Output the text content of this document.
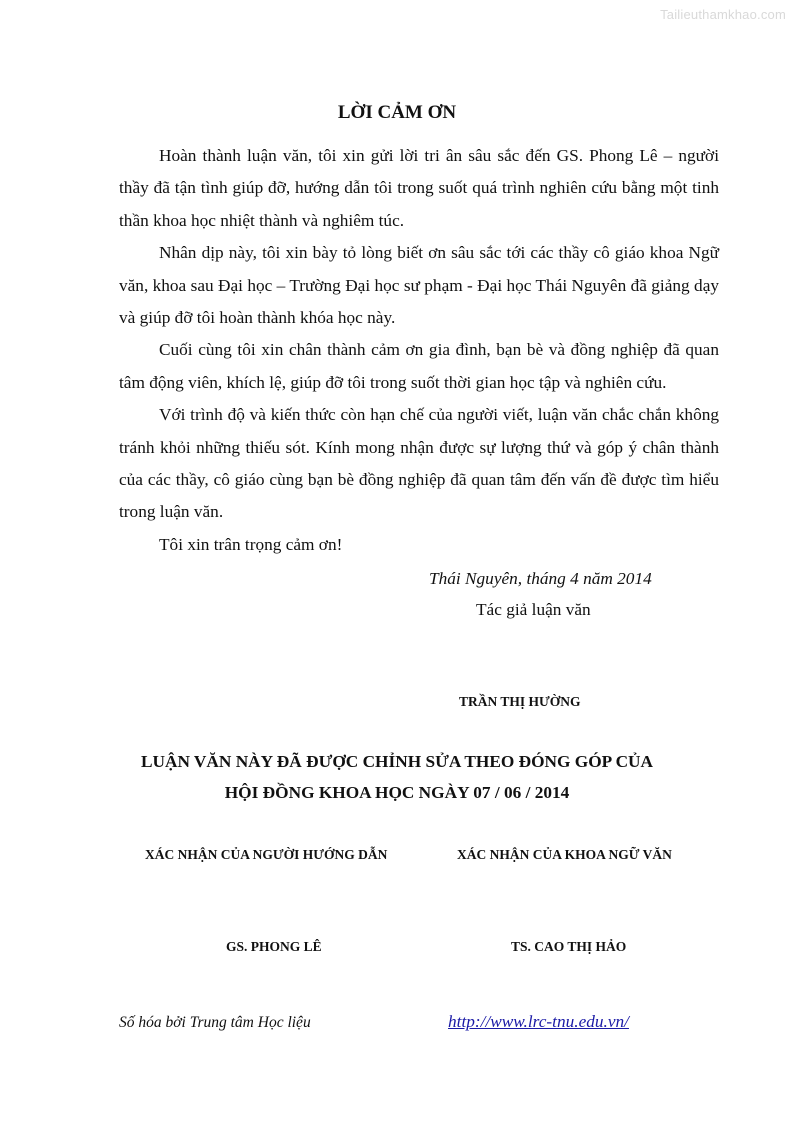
Tailieuthamkhao.com
LỜI CẢM ƠN

Hoàn thành luận văn, tôi xin gửi lời tri ân sâu sắc đến GS. Phong Lê – người thầy đã tận tình giúp đỡ, hướng dẫn tôi trong suốt quá trình nghiên cứu bằng một tinh thần khoa học nhiệt thành và nghiêm túc.

Nhân dịp này, tôi xin bày tỏ lòng biết ơn sâu sắc tới các thầy cô giáo khoa Ngữ văn, khoa sau Đại học – Trường Đại học sư phạm - Đại học Thái Nguyên đã giảng dạy và giúp đỡ tôi hoàn thành khóa học này.

Cuối cùng tôi xin chân thành cảm ơn gia đình, bạn bè và đồng nghiệp đã quan tâm động viên, khích lệ, giúp đỡ tôi trong suốt thời gian học tập và nghiên cứu.

Với trình độ và kiến thức còn hạn chế của người viết, luận văn chắc chắn không tránh khỏi những thiếu sót. Kính mong nhận được sự lượng thứ và góp ý chân thành của các thầy, cô giáo cùng bạn bè đồng nghiệp đã quan tâm đến vấn đề được tìm hiểu trong luận văn.

Tôi xin trân trọng cảm ơn!

Thái Nguyên, tháng 4 năm 2014
Tác giả luận văn
TRẦN THỊ HƯỜNG
LUẬN VĂN NÀY ĐÃ ĐƯỢC CHỈNH SỬA THEO ĐÓNG GÓP CỦA
HỘI ĐỒNG KHOA HỌC NGÀY 07 / 06 / 2014
XÁC NHẬN CỦA NGƯỜI HƯỚNG DẪN	XÁC NHẬN CỦA KHOA NGỮ VĂN
GS. PHONG LÊ	TS. CAO THỊ HẢO
Số hóa bởi Trung tâm Học liệu	http://www.lrc-tnu.edu.vn/
